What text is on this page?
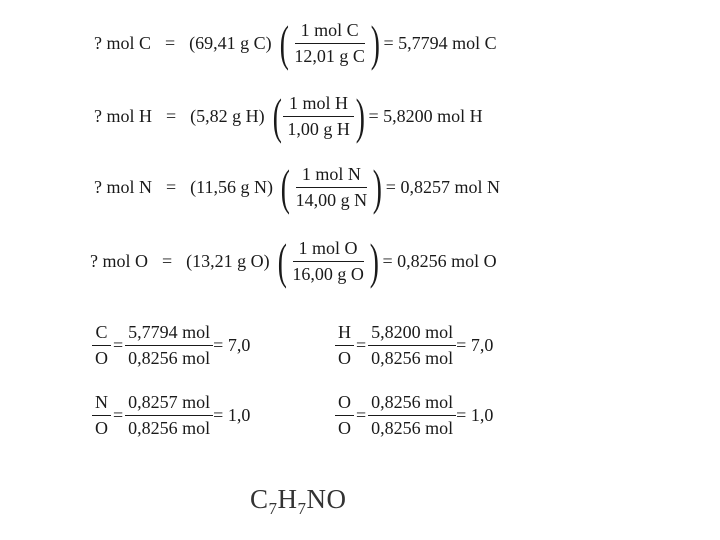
? mol C = (69,41 g C) ( $\frac{\text{1 mol C}}{\text{12,01 g C}}$ ) = 5,7794 mol C
? mol H = (5,82 g H) ( $\frac{\text{1 mol H}}{\text{1,00 g H}}$ ) = 5,8200 mol H
? mol N = (11,56 g N) ( $\frac{\text{1 mol N}}{\text{14,00 g N}}$ ) = 0,8257 mol N
? mol O = (13,21 g O) ( $\frac{\text{1 mol O}}{\text{16,00 g O}}$ ) = 0,8256 mol O
$\frac{C}{O} = \frac{\text{5,7794 mol}}{\text{0,8256 mol}} = 7,0$	$\frac{H}{O} = \frac{\text{5,8200 mol}}{\text{0,8256 mol}} = 7,0$
$\frac{N}{O} = \frac{\text{0,8257 mol}}{\text{0,8256 mol}} = 1,0$	$\frac{O}{O} = \frac{\text{0,8256 mol}}{\text{0,8256 mol}} = 1,0$
$C_7H_7NO$
